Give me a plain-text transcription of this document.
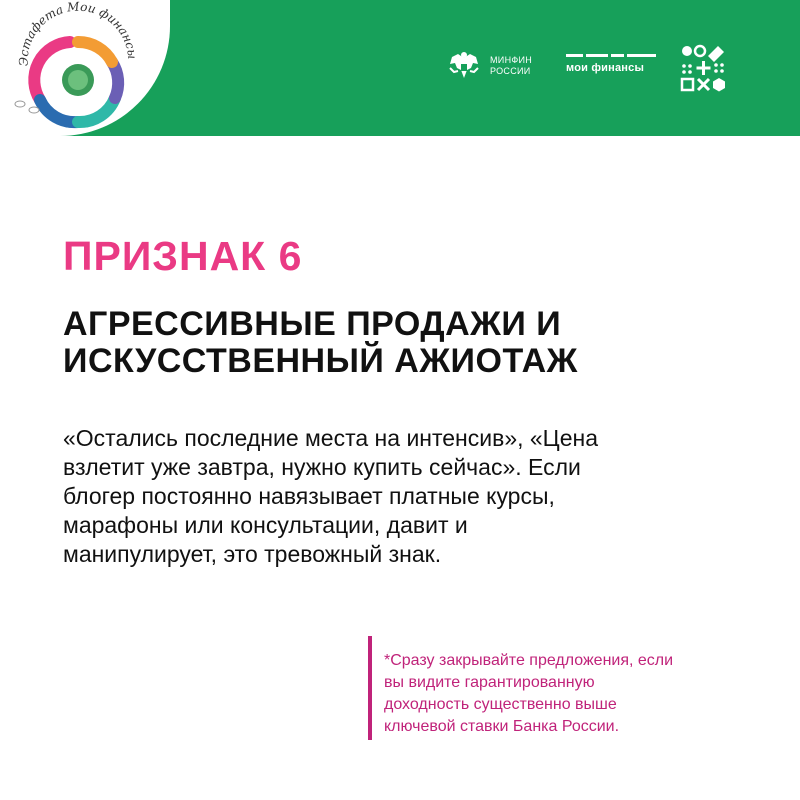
Эстафета Мои финансы
МИНФИН
РОССИИ	мои финансы
ПРИЗНАК 6
АГРЕССИВНЫЕ ПРОДАЖИ И
ИСКУССТВЕННЫЙ АЖИОТАЖ

«Остались последние места на интенсив», «Цена
взлетит уже завтра, нужно купить сейчас». Если
блогер постоянно навязывает платные курсы,
марафоны или консультации, давит и
манипулирует, это тревожный знак.

*Сразу закрывайте предложения, если
вы видите гарантированную
доходность существенно выше
ключевой ставки Банка России.
